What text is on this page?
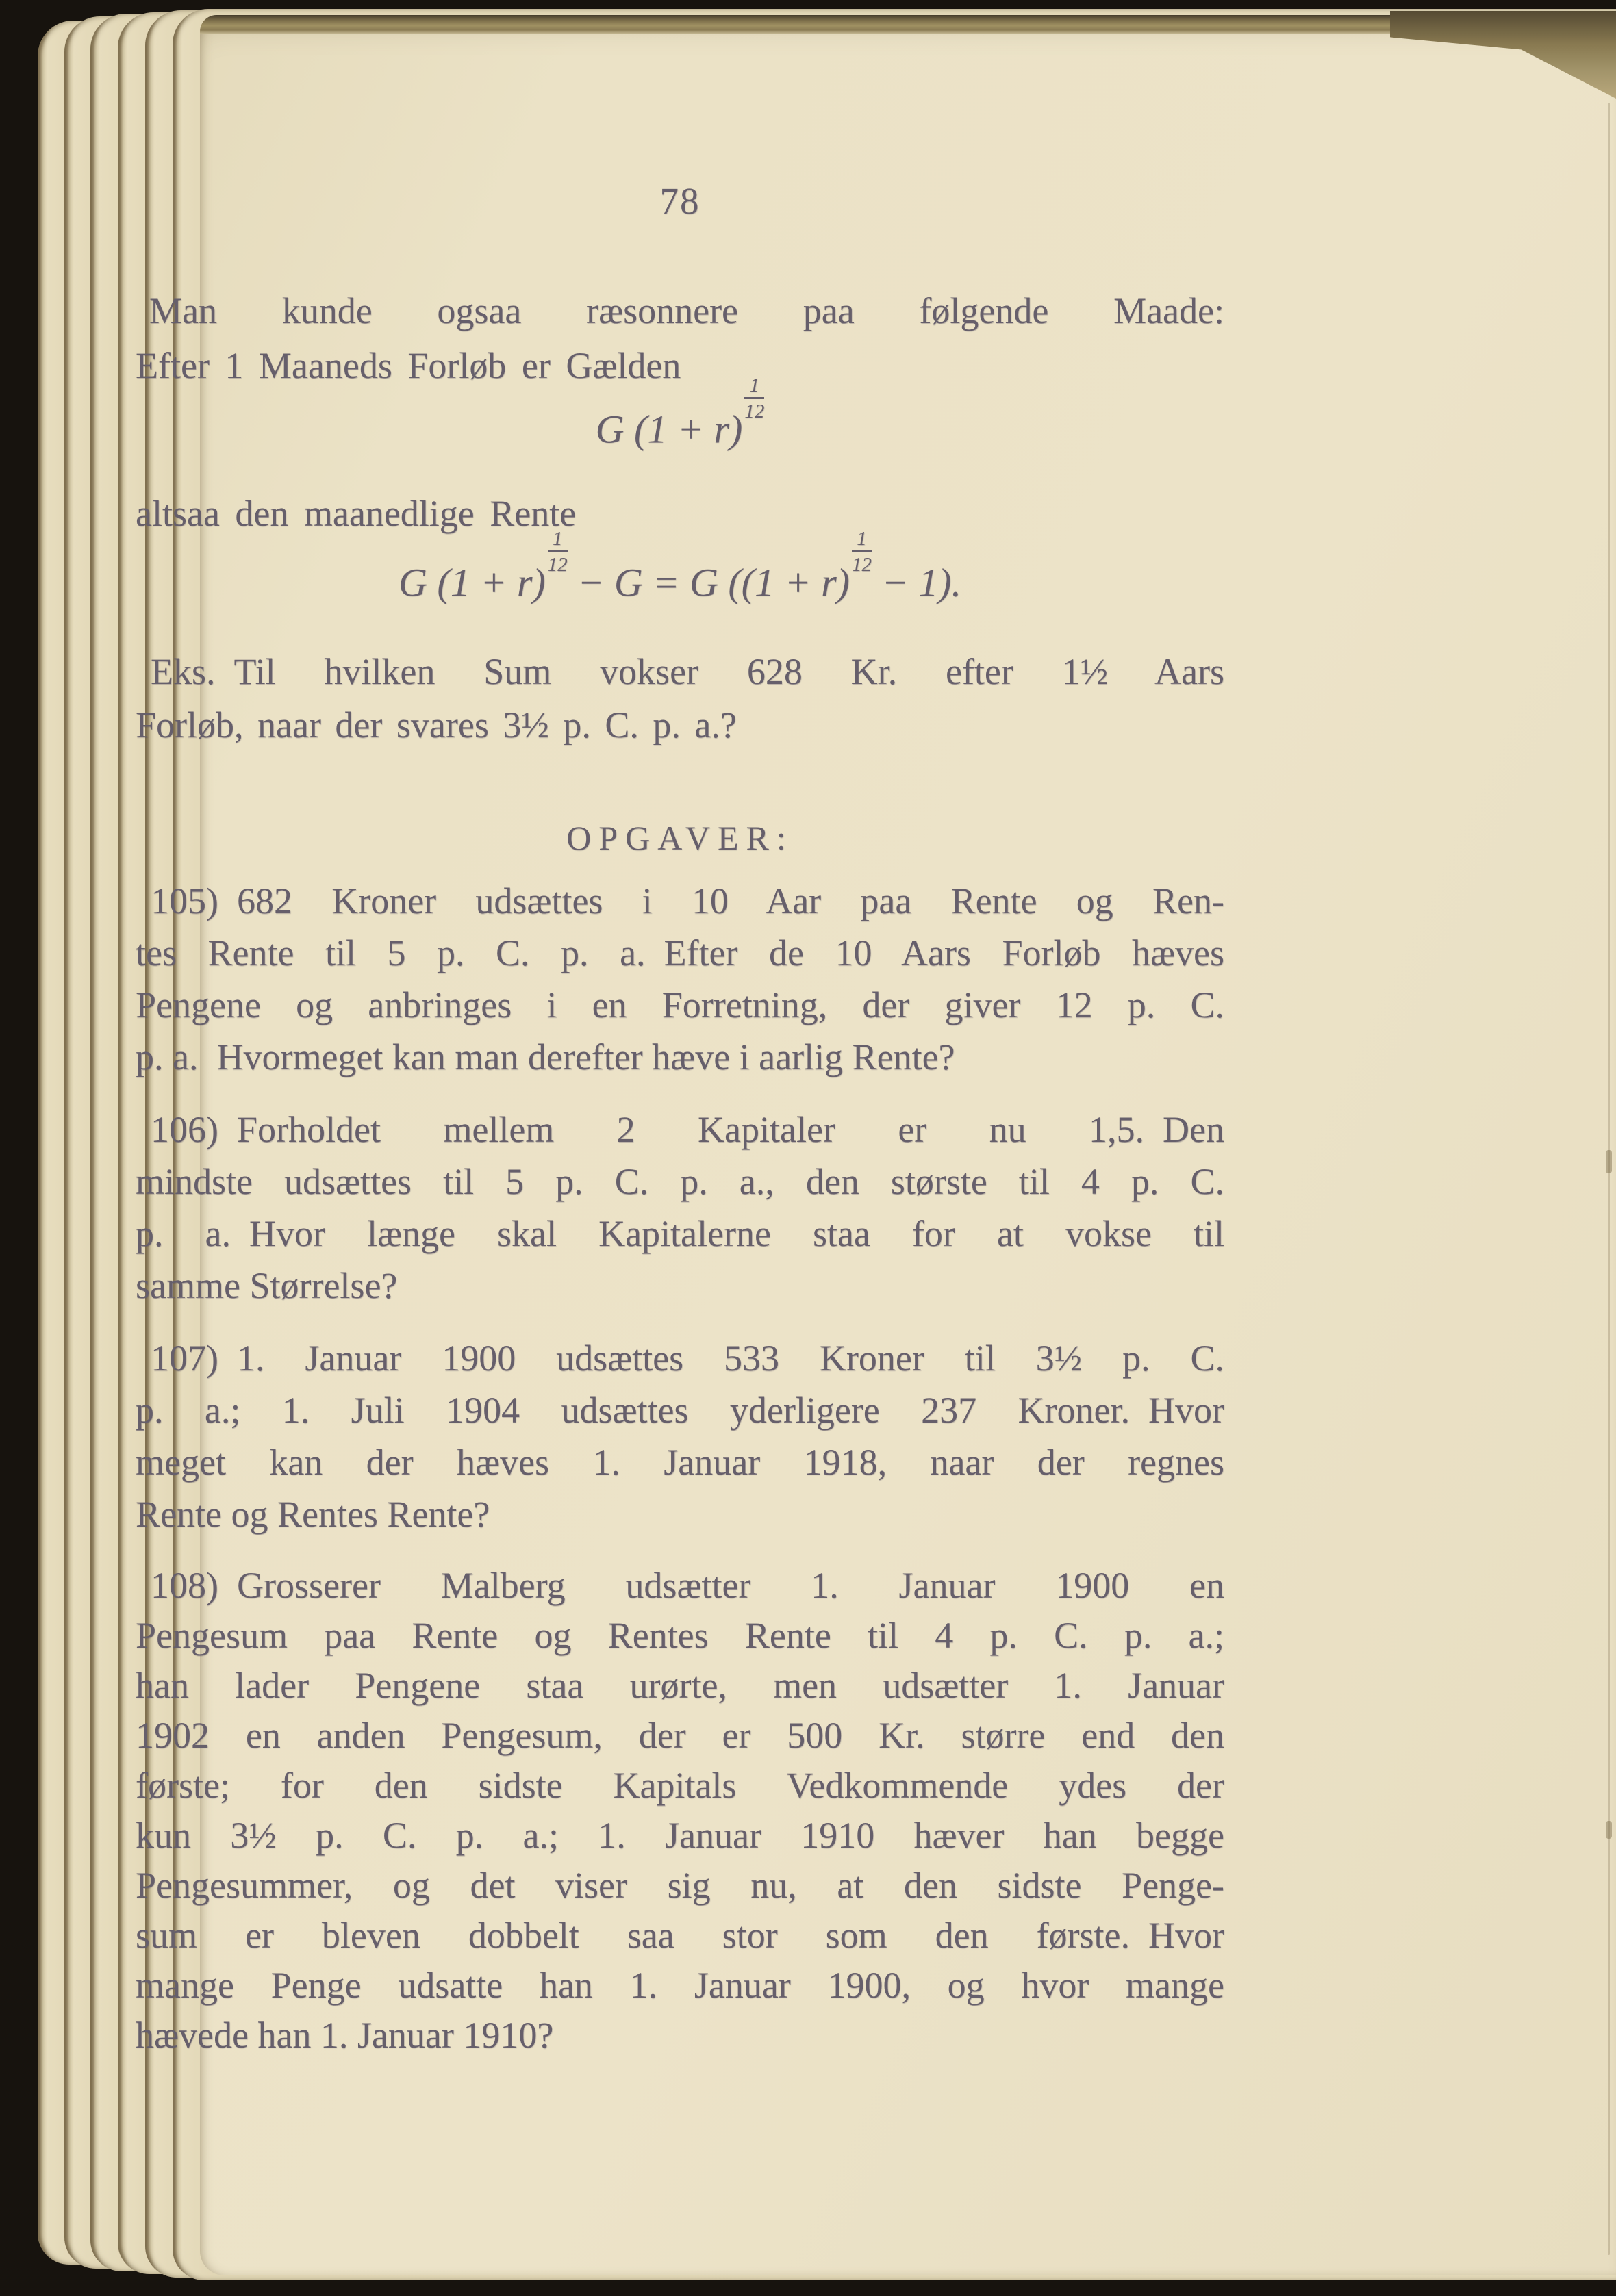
78
Man kunde ogsaa ræsonnere paa følgende Maade:
Efter 1 Maaneds Forløb er Gælden
G (1 + r)
$\frac{1}{12}$
altsaa den maanedlige Rente
G (1 + r)
$\frac{1}{12}$
− G = G ((1 + r)
$\frac{1}{12}$
− 1).
Eks. Til hvilken Sum vokser 628 Kr. efter 1½ Aars
Forløb, naar der svares 3½ p. C. p. a.?
OPGAVER:
105) 682 Kroner udsættes i 10 Aar paa Rente og Ren-
tes Rente til 5 p. C. p. a. Efter de 10 Aars Forløb hæves
Pengene og anbringes i en Forretning, der giver 12 p. C.
p. a. Hvormeget kan man derefter hæve i aarlig Rente?
106) Forholdet mellem 2 Kapitaler er nu 1,5. Den
mindste udsættes til 5 p. C. p. a., den største til 4 p. C.
p. a. Hvor længe skal Kapitalerne staa for at vokse til
samme Størrelse?
107) 1. Januar 1900 udsættes 533 Kroner til 3½ p. C.
p. a.; 1. Juli 1904 udsættes yderligere 237 Kroner. Hvor
meget kan der hæves 1. Januar 1918, naar der regnes
Rente og Rentes Rente?
108) Grosserer Malberg udsætter 1. Januar 1900 en
Pengesum paa Rente og Rentes Rente til 4 p. C. p. a.;
han lader Pengene staa urørte, men udsætter 1. Januar
1902 en anden Pengesum, der er 500 Kr. større end den
første; for den sidste Kapitals Vedkommende ydes der
kun 3½ p. C. p. a.; 1. Januar 1910 hæver han begge
Pengesummer, og det viser sig nu, at den sidste Penge-
sum er bleven dobbelt saa stor som den første. Hvor
mange Penge udsatte han 1. Januar 1900, og hvor mange
hævede han 1. Januar 1910?
